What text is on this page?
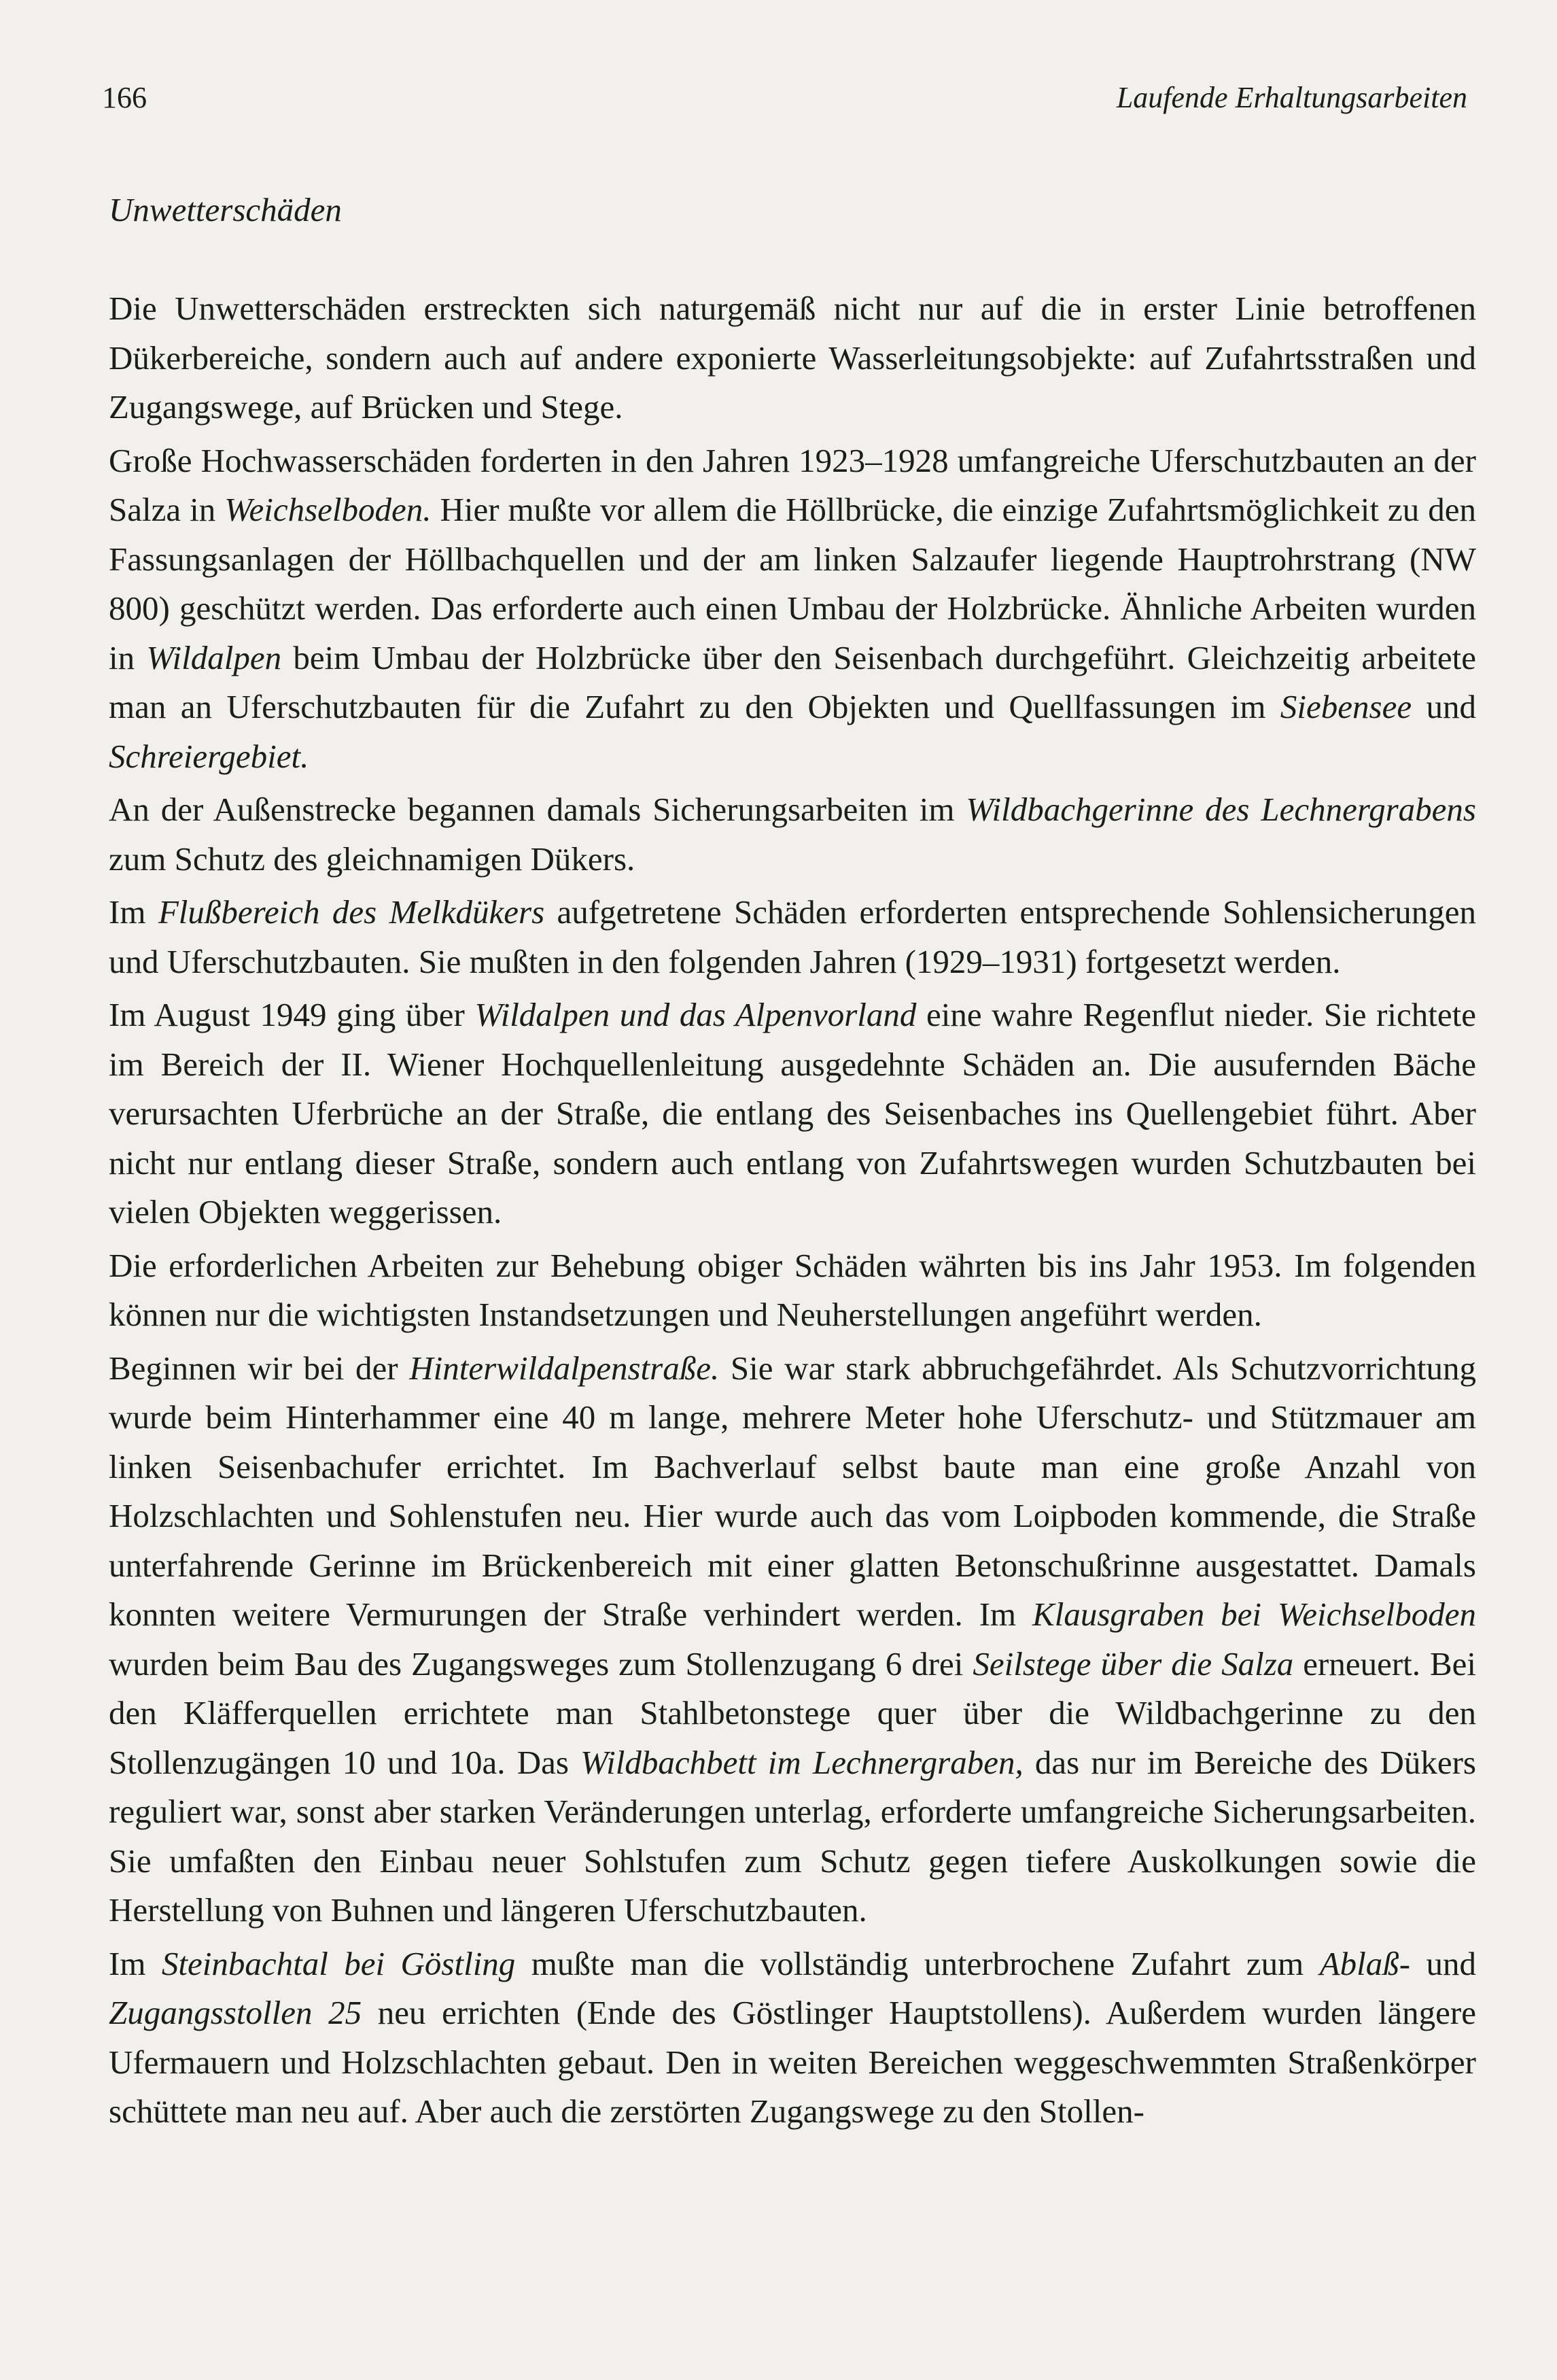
166	Laufende Erhaltungsarbeiten
Unwetterschäden

Die Unwetterschäden erstreckten sich naturgemäß nicht nur auf die in erster Linie betroffenen Dükerbereiche, sondern auch auf andere exponierte Wasserleitungsobjekte: auf Zufahrtsstraßen und Zugangswege, auf Brücken und Stege.

Große Hochwasserschäden forderten in den Jahren 1923–1928 umfangreiche Uferschutzbauten an der Salza in Weichselboden. Hier mußte vor allem die Höllbrücke, die einzige Zufahrtsmöglichkeit zu den Fassungsanlagen der Höllbachquellen und der am linken Salzaufer liegende Hauptrohrstrang (NW 800) geschützt werden. Das erforderte auch einen Umbau der Holzbrücke. Ähnliche Arbeiten wurden in Wildalpen beim Umbau der Holzbrücke über den Seisenbach durchgeführt. Gleichzeitig arbeitete man an Uferschutzbauten für die Zufahrt zu den Objekten und Quellfassungen im Siebensee und Schreiergebiet.

An der Außenstrecke begannen damals Sicherungsarbeiten im Wildbachgerinne des Lechnergrabens zum Schutz des gleichnamigen Dükers.

Im Flußbereich des Melkdükers aufgetretene Schäden erforderten entsprechende Sohlensicherungen und Uferschutzbauten. Sie mußten in den folgenden Jahren (1929–1931) fortgesetzt werden.

Im August 1949 ging über Wildalpen und das Alpenvorland eine wahre Regenflut nieder. Sie richtete im Bereich der II. Wiener Hochquellenleitung ausgedehnte Schäden an. Die ausufernden Bäche verursachten Uferbrüche an der Straße, die entlang des Seisenbaches ins Quellengebiet führt. Aber nicht nur entlang dieser Straße, sondern auch entlang von Zufahrtswegen wurden Schutzbauten bei vielen Objekten weggerissen.

Die erforderlichen Arbeiten zur Behebung obiger Schäden währten bis ins Jahr 1953. Im folgenden können nur die wichtigsten Instandsetzungen und Neuherstellungen angeführt werden.

Beginnen wir bei der Hinterwildalpenstraße. Sie war stark abbruchgefährdet. Als Schutzvorrichtung wurde beim Hinterhammer eine 40 m lange, mehrere Meter hohe Uferschutz- und Stützmauer am linken Seisenbachufer errichtet. Im Bachverlauf selbst baute man eine große Anzahl von Holzschlachten und Sohlenstufen neu. Hier wurde auch das vom Loipboden kommende, die Straße unterfahrende Gerinne im Brückenbereich mit einer glatten Betonschußrinne ausgestattet. Damals konnten weitere Vermurungen der Straße verhindert werden. Im Klausgraben bei Weichselboden wurden beim Bau des Zugangsweges zum Stollenzugang 6 drei Seilstege über die Salza erneuert. Bei den Kläfferquellen errichtete man Stahlbetonstege quer über die Wildbachgerinne zu den Stollenzugängen 10 und 10a. Das Wildbachbett im Lechnergraben, das nur im Bereiche des Dükers reguliert war, sonst aber starken Veränderungen unterlag, erforderte umfangreiche Sicherungsarbeiten. Sie umfaßten den Einbau neuer Sohlstufen zum Schutz gegen tiefere Auskolkungen sowie die Herstellung von Buhnen und längeren Uferschutzbauten.

Im Steinbachtal bei Göstling mußte man die vollständig unterbrochene Zufahrt zum Ablaß- und Zugangsstollen 25 neu errichten (Ende des Göstlinger Hauptstollens). Außerdem wurden längere Ufermauern und Holzschlachten gebaut. Den in weiten Bereichen weggeschwemmten Straßenkörper schüttete man neu auf. Aber auch die zerstörten Zugangswege zu den Stollen-
